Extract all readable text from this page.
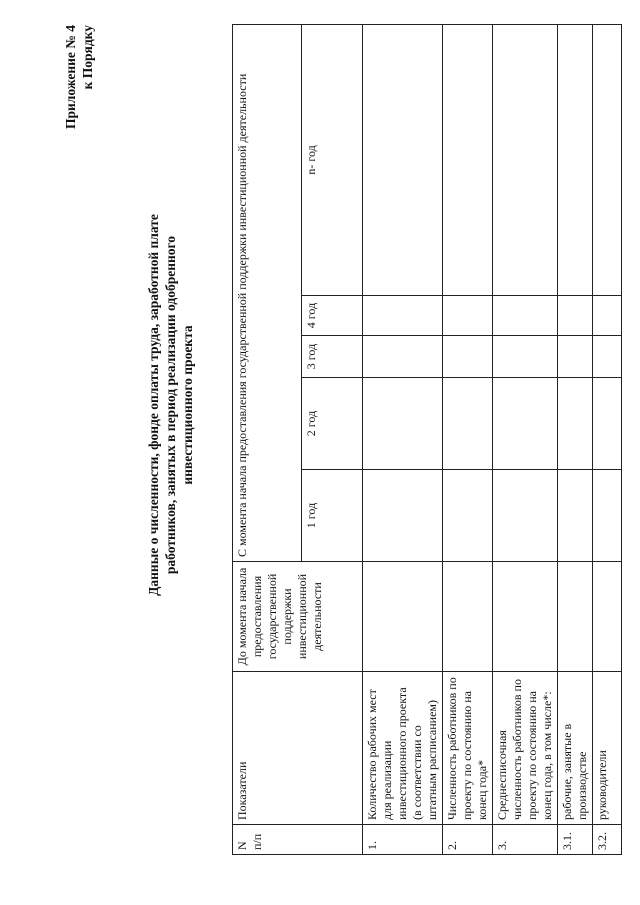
Приложение № 4 к Порядку
Данные о численности, фонде оплаты труда, заработной плате работников, занятых в период реализации одобренного инвестиционного проекта
N п/п	Показатели	До момента начала предоставления государственной поддержки инвестиционной деятельности	С момента начала предоставления государственной поддержки инвестиционной деятельности				
			1 год	2 год	3 год	4 год	n- год
1.	Количество рабочих мест для реализации инвестиционного проекта (в соответствии со штатным расписанием)						
2.	Численность работников по проекту по состоянию на конец года*						
3.	Среднесписочная численность работников по проекту по состоянию на конец года, в том числе*:						
3.1.	рабочие, занятые в производстве						
3.2.	руководители						
